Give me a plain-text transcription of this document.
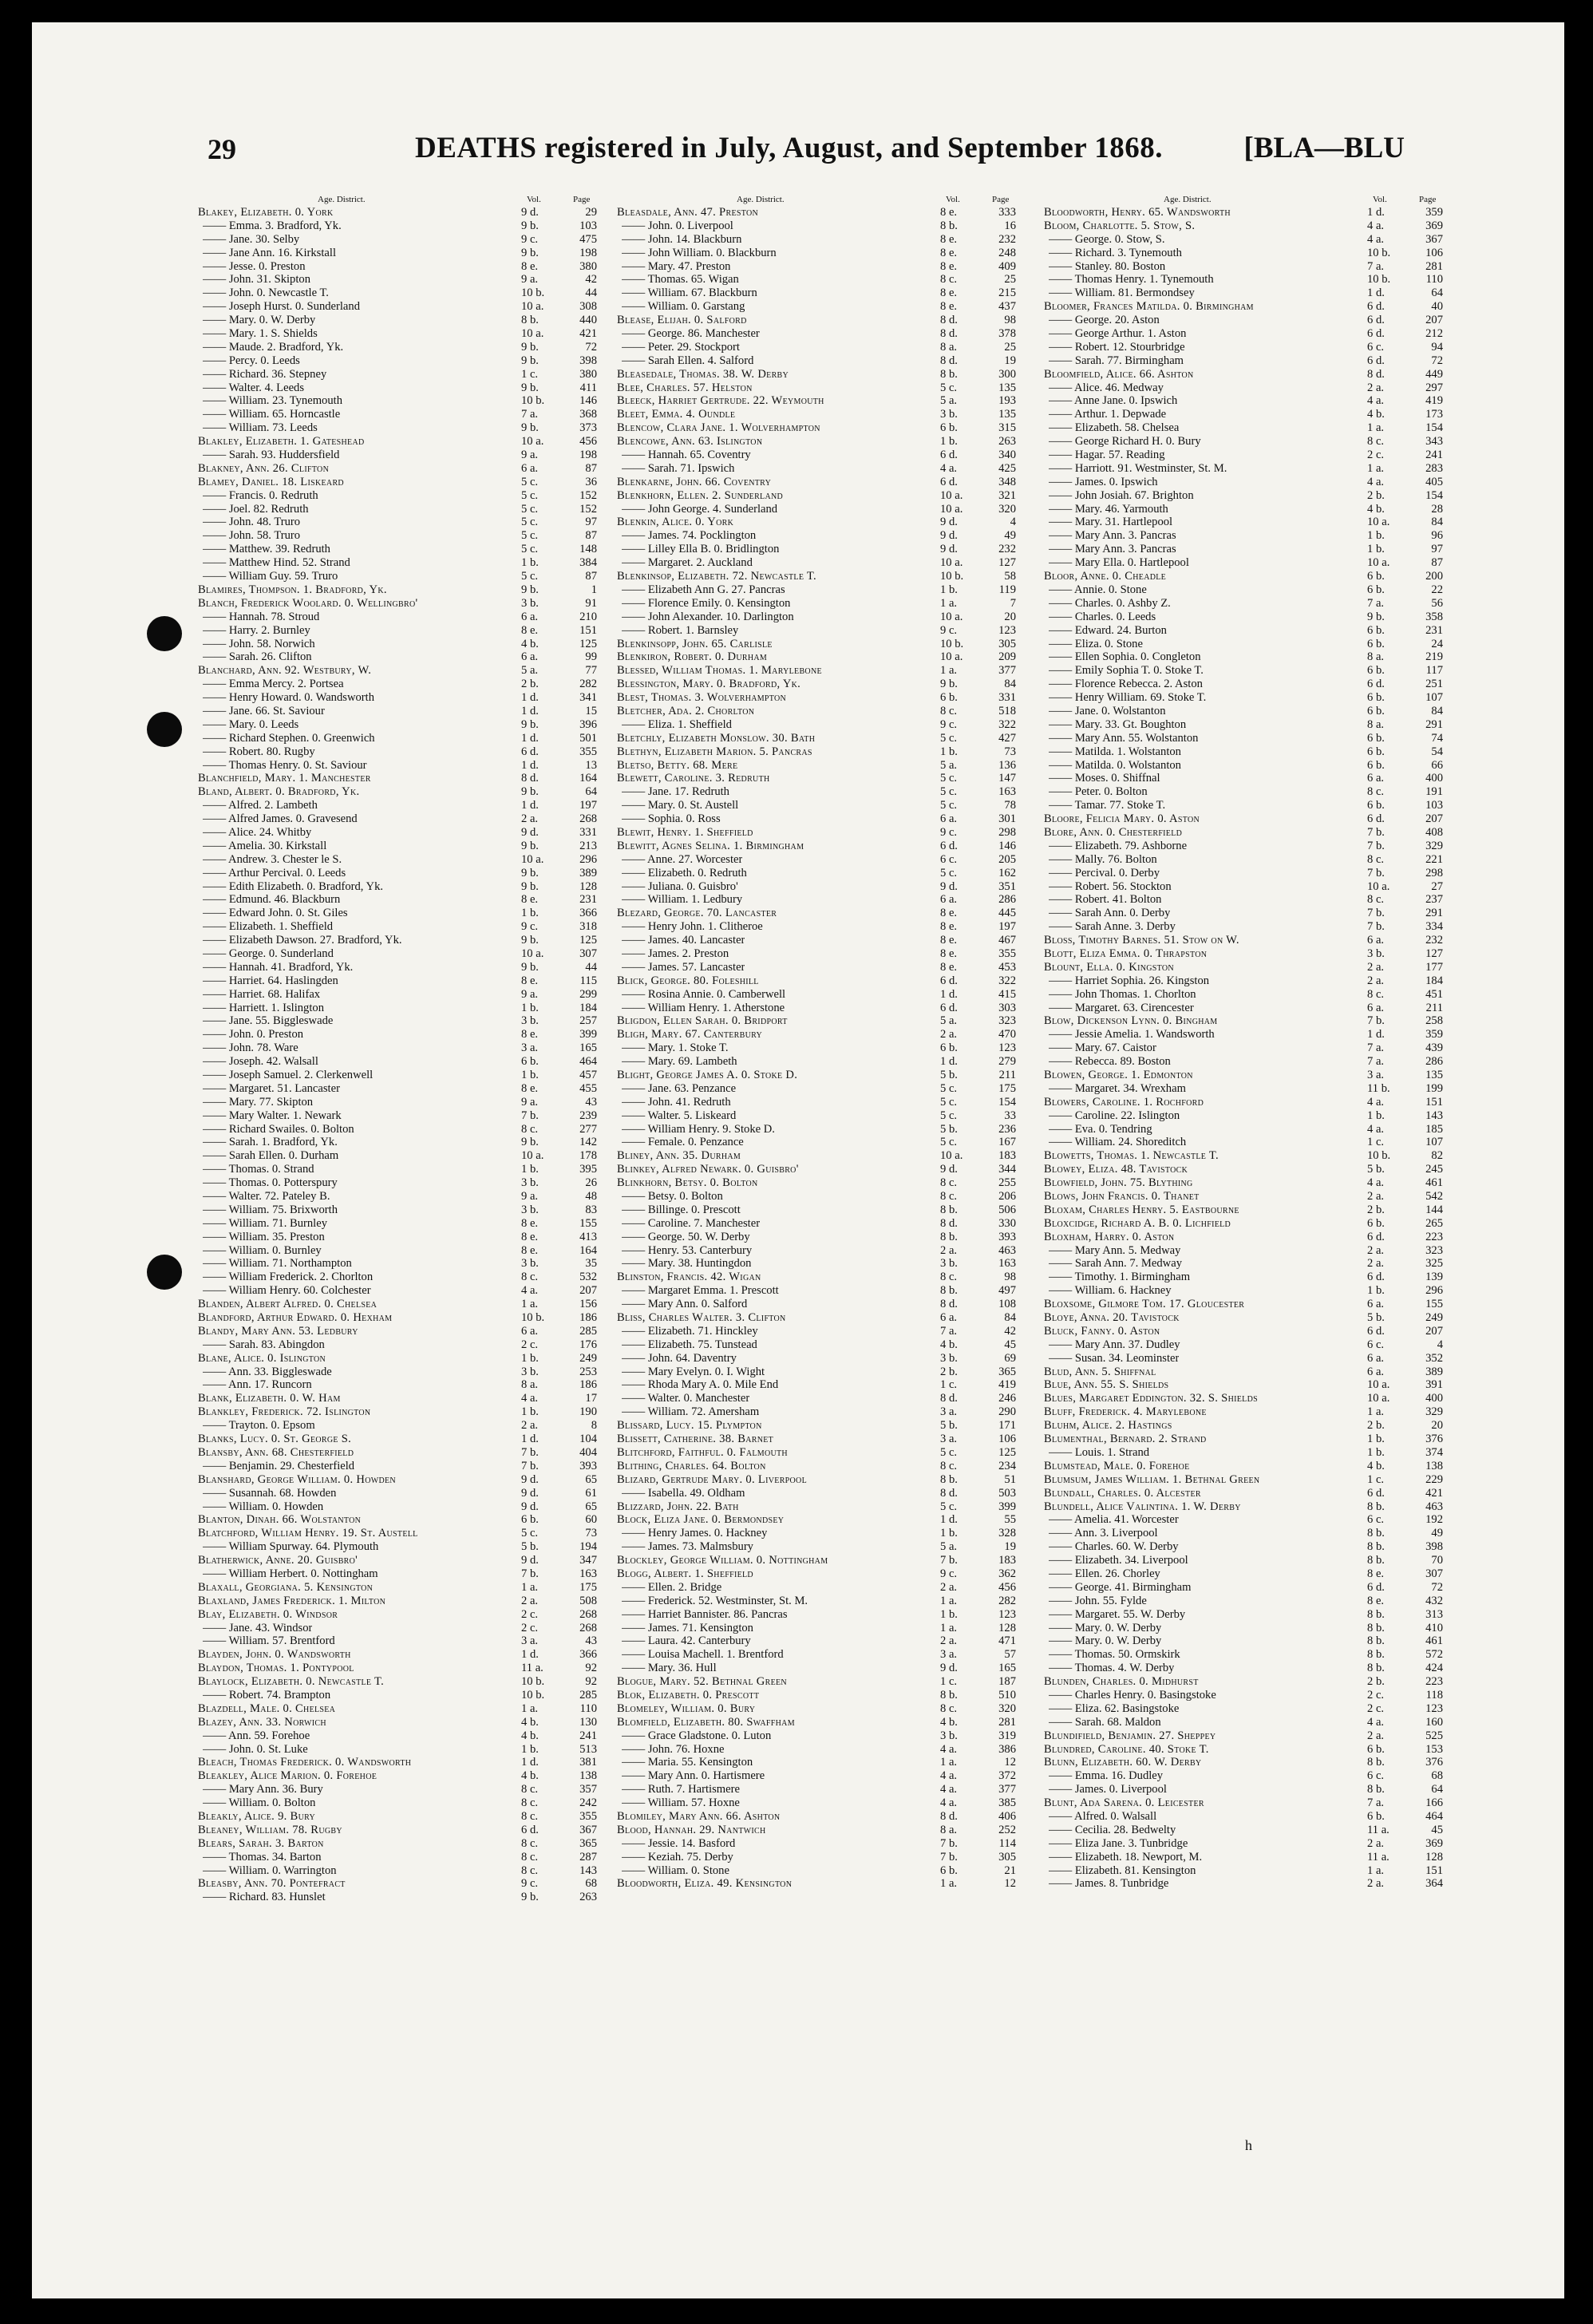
29	DEATHS registered in July, August, and September 1868.	[BLA—BLU
Age. District.	Vol.	Page
Blakey, Elizabeth. 0. York	9 d.	29
—— Emma. 3. Bradford, Yk.	9 b.	103
—— Jane. 30. Selby	9 c.	475
—— Jane Ann. 16. Kirkstall	9 b.	198
—— Jesse. 0. Preston	8 e.	380
—— John. 31. Skipton	9 a.	42
—— John. 0. Newcastle T.	10 b.	44
—— Joseph Hurst. 0. Sunderland	10 a.	308
—— Mary. 0. W. Derby	8 b.	440
—— Mary. 1. S. Shields	10 a.	421
—— Maude. 2. Bradford, Yk.	9 b.	72
—— Percy. 0. Leeds	9 b.	398
—— Richard. 36. Stepney	1 c.	380
—— Walter. 4. Leeds	9 b.	411
—— William. 23. Tynemouth	10 b.	146
—— William. 65. Horncastle	7 a.	368
—— William. 73. Leeds	9 b.	373
Blakley, Elizabeth. 1. Gateshead	10 a.	456
—— Sarah. 93. Huddersfield	9 a.	198
Blakney, Ann. 26. Clifton	6 a.	87
Blamey, Daniel. 18. Liskeard	5 c.	36
—— Francis. 0. Redruth	5 c.	152
—— Joel. 82. Redruth	5 c.	152
—— John. 48. Truro	5 c.	97
—— John. 58. Truro	5 c.	87
—— Matthew. 39. Redruth	5 c.	148
—— Matthew Hind. 52. Strand	1 b.	384
—— William Guy. 59. Truro	5 c.	87
Blamires, Thompson. 1. Bradford, Yk.	9 b.	1
Blanch, Frederick Woolard. 0. Wellingbro'	3 b.	91
—— Hannah. 78. Stroud	6 a.	210
—— Harry. 2. Burnley	8 e.	151
—— John. 58. Norwich	4 b.	125
—— Sarah. 26. Clifton	6 a.	99
Blanchard, Ann. 92. Westbury, W.	5 a.	77
—— Emma Mercy. 2. Portsea	2 b.	282
—— Henry Howard. 0. Wandsworth	1 d.	341
—— Jane. 66. St. Saviour	1 d.	15
—— Mary. 0. Leeds	9 b.	396
—— Richard Stephen. 0. Greenwich	1 d.	501
—— Robert. 80. Rugby	6 d.	355
—— Thomas Henry. 0. St. Saviour	1 d.	13
Blanchfield, Mary. 1. Manchester	8 d.	164
Bland, Albert. 0. Bradford, Yk.	9 b.	64
—— Alfred. 2. Lambeth	1 d.	197
—— Alfred James. 0. Gravesend	2 a.	268
—— Alice. 24. Whitby	9 d.	331
—— Amelia. 30. Kirkstall	9 b.	213
—— Andrew. 3. Chester le S.	10 a.	296
—— Arthur Percival. 0. Leeds	9 b.	389
—— Edith Elizabeth. 0. Bradford, Yk.	9 b.	128
—— Edmund. 46. Blackburn	8 e.	231
—— Edward John. 0. St. Giles	1 b.	366
—— Elizabeth. 1. Sheffield	9 c.	318
—— Elizabeth Dawson. 27. Bradford, Yk.	9 b.	125
—— George. 0. Sunderland	10 a.	307
—— Hannah. 41. Bradford, Yk.	9 b.	44
—— Harriet. 64. Haslingden	8 e.	115
—— Harriet. 68. Halifax	9 a.	299
—— Harriett. 1. Islington	1 b.	184
—— Jane. 55. Biggleswade	3 b.	257
—— John. 0. Preston	8 e.	399
—— John. 78. Ware	3 a.	165
—— Joseph. 42. Walsall	6 b.	464
—— Joseph Samuel. 2. Clerkenwell	1 b.	457
—— Margaret. 51. Lancaster	8 e.	455
—— Mary. 77. Skipton	9 a.	43
—— Mary Walter. 1. Newark	7 b.	239
—— Richard Swailes. 0. Bolton	8 c.	277
—— Sarah. 1. Bradford, Yk.	9 b.	142
—— Sarah Ellen. 0. Durham	10 a.	178
—— Thomas. 0. Strand	1 b.	395
—— Thomas. 0. Potterspury	3 b.	26
—— Walter. 72. Pateley B.	9 a.	48
—— William. 75. Brixworth	3 b.	83
—— William. 71. Burnley	8 e.	155
—— William. 35. Preston	8 e.	413
—— William. 0. Burnley	8 e.	164
—— William. 71. Northampton	3 b.	35
—— William Frederick. 2. Chorlton	8 c.	532
—— William Henry. 60. Colchester	4 a.	207
Blanden, Albert Alfred. 0. Chelsea	1 a.	156
Blandford, Arthur Edward. 0. Hexham	10 b.	186
Blandy, Mary Ann. 53. Ledbury	6 a.	285
—— Sarah. 83. Abingdon	2 c.	176
Blane, Alice. 0. Islington	1 b.	249
—— Ann. 33. Biggleswade	3 b.	253
—— Ann. 17. Runcorn	8 a.	186
Blank, Elizabeth. 0. W. Ham	4 a.	17
Blankley, Frederick. 72. Islington	1 b.	190
—— Trayton. 0. Epsom	2 a.	8
Blanks, Lucy. 0. St. George S.	1 d.	104
Blansby, Ann. 68. Chesterfield	7 b.	404
—— Benjamin. 29. Chesterfield	7 b.	393
Blanshard, George William. 0. Howden	9 d.	65
—— Susannah. 68. Howden	9 d.	61
—— William. 0. Howden	9 d.	65
Blanton, Dinah. 66. Wolstanton	6 b.	60
Blatchford, William Henry. 19. St. Austell	5 c.	73
—— William Spurway. 64. Plymouth	5 b.	194
Blatherwick, Anne. 20. Guisbro'	9 d.	347
—— William Herbert. 0. Nottingham	7 b.	163
Blaxall, Georgiana. 5. Kensington	1 a.	175
Blaxland, James Frederick. 1. Milton	2 a.	508
Blay, Elizabeth. 0. Windsor	2 c.	268
—— Jane. 43. Windsor	2 c.	268
—— William. 57. Brentford	3 a.	43
Blayden, John. 0. Wandsworth	1 d.	366
Blaydon, Thomas. 1. Pontypool	11 a.	92
Blaylock, Elizabeth. 0. Newcastle T.	10 b.	92
—— Robert. 74. Brampton	10 b.	285
Blazdell, Male. 0. Chelsea	1 a.	110
Blazey, Ann. 33. Norwich	4 b.	130
—— Ann. 59. Forehoe	4 b.	241
—— John. 0. St. Luke	1 b.	513
Bleach, Thomas Frederick. 0. Wandsworth	1 d.	381
Bleakley, Alice Marion. 0. Forehoe	4 b.	138
—— Mary Ann. 36. Bury	8 c.	357
—— William. 0. Bolton	8 c.	242
Bleakly, Alice. 9. Bury	8 c.	355
Bleaney, William. 78. Rugby	6 d.	367
Blears, Sarah. 3. Barton	8 c.	365
—— Thomas. 34. Barton	8 c.	287
—— William. 0. Warrington	8 c.	143
Bleasby, Ann. 70. Pontefract	9 c.	68
—— Richard. 83. Hunslet	9 b.	263
Age. District.	Vol.	Page
Bleasdale, Ann. 47. Preston	8 e.	333
—— John. 0. Liverpool	8 b.	16
—— John. 14. Blackburn	8 e.	232
—— John William. 0. Blackburn	8 e.	248
—— Mary. 47. Preston	8 e.	409
—— Thomas. 65. Wigan	8 c.	25
—— William. 67. Blackburn	8 e.	215
—— William. 0. Garstang	8 e.	437
Blease, Elijah. 0. Salford	8 d.	98
—— George. 86. Manchester	8 d.	378
—— Peter. 29. Stockport	8 a.	25
—— Sarah Ellen. 4. Salford	8 d.	19
Bleasedale, Thomas. 38. W. Derby	8 b.	300
Blee, Charles. 57. Helston	5 c.	135
Bleeck, Harriet Gertrude. 22. Weymouth	5 a.	193
Bleet, Emma. 4. Oundle	3 b.	135
Blencow, Clara Jane. 1. Wolverhampton	6 b.	315
Blencowe, Ann. 63. Islington	1 b.	263
—— Hannah. 65. Coventry	6 d.	340
—— Sarah. 71. Ipswich	4 a.	425
Blenkarne, John. 66. Coventry	6 d.	348
Blenkhorn, Ellen. 2. Sunderland	10 a.	321
—— John George. 4. Sunderland	10 a.	320
Blenkin, Alice. 0. York	9 d.	4
—— James. 74. Pocklington	9 d.	49
—— Lilley Ella B. 0. Bridlington	9 d.	232
—— Margaret. 2. Auckland	10 a.	127
Blenkinsop, Elizabeth. 72. Newcastle T.	10 b.	58
—— Elizabeth Ann G. 27. Pancras	1 b.	119
—— Florence Emily. 0. Kensington	1 a.	7
—— John Alexander. 10. Darlington	10 a.	20
—— Robert. 1. Barnsley	9 c.	123
Blenkinsopp, John. 65. Carlisle	10 b.	305
Blenkiron, Robert. 0. Durham	10 a.	209
Blessed, William Thomas. 1. Marylebone	1 a.	377
Blessington, Mary. 0. Bradford, Yk.	9 b.	84
Blest, Thomas. 3. Wolverhampton	6 b.	331
Bletcher, Ada. 2. Chorlton	8 c.	518
—— Eliza. 1. Sheffield	9 c.	322
Bletchly, Elizabeth Monslow. 30. Bath	5 c.	427
Blethyn, Elizabeth Marion. 5. Pancras	1 b.	73
Bletso, Betty. 68. Mere	5 a.	136
Blewett, Caroline. 3. Redruth	5 c.	147
—— Jane. 17. Redruth	5 c.	163
—— Mary. 0. St. Austell	5 c.	78
—— Sophia. 0. Ross	6 a.	301
Blewit, Henry. 1. Sheffield	9 c.	298
Blewitt, Agnes Selina. 1. Birmingham	6 d.	146
—— Anne. 27. Worcester	6 c.	205
—— Elizabeth. 0. Redruth	5 c.	162
—— Juliana. 0. Guisbro'	9 d.	351
—— William. 1. Ledbury	6 a.	286
Blezard, George. 70. Lancaster	8 e.	445
—— Henry John. 1. Clitheroe	8 e.	197
—— James. 40. Lancaster	8 e.	467
—— James. 2. Preston	8 e.	355
—— James. 57. Lancaster	8 e.	453
Blick, George. 80. Foleshill	6 d.	322
—— Rosina Annie. 0. Camberwell	1 d.	415
—— William Henry. 1. Atherstone	6 d.	303
Bligdon, Ellen Sarah. 0. Bridport	5 a.	323
Bligh, Mary. 67. Canterbury	2 a.	470
—— Mary. 1. Stoke T.	6 b.	123
—— Mary. 69. Lambeth	1 d.	279
Blight, George James A. 0. Stoke D.	5 b.	211
—— Jane. 63. Penzance	5 c.	175
—— John. 41. Redruth	5 c.	154
—— Walter. 5. Liskeard	5 c.	33
—— William Henry. 9. Stoke D.	5 b.	236
—— Female. 0. Penzance	5 c.	167
Bliney, Ann. 35. Durham	10 a.	183
Blinkey, Alfred Newark. 0. Guisbro'	9 d.	344
Blinkhorn, Betsy. 0. Bolton	8 c.	255
—— Betsy. 0. Bolton	8 c.	206
—— Billinge. 0. Prescott	8 b.	506
—— Caroline. 7. Manchester	8 d.	330
—— George. 50. W. Derby	8 b.	393
—— Henry. 53. Canterbury	2 a.	463
—— Mary. 38. Huntingdon	3 b.	163
Blinston, Francis. 42. Wigan	8 c.	98
—— Margaret Emma. 1. Prescott	8 b.	497
—— Mary Ann. 0. Salford	8 d.	108
Bliss, Charles Walter. 3. Clifton	6 a.	84
—— Elizabeth. 71. Hinckley	7 a.	42
—— Elizabeth. 75. Tunstead	4 b.	45
—— John. 64. Daventry	3 b.	69
—— Mary Evelyn. 0. I. Wight	2 b.	365
—— Rhoda Mary A. 0. Mile End	1 c.	419
—— Walter. 0. Manchester	8 d.	246
—— William. 72. Amersham	3 a.	290
Blissard, Lucy. 15. Plympton	5 b.	171
Blissett, Catherine. 38. Barnet	3 a.	106
Blitchford, Faithful. 0. Falmouth	5 c.	125
Blithing, Charles. 64. Bolton	8 c.	234
Blizard, Gertrude Mary. 0. Liverpool	8 b.	51
—— Isabella. 49. Oldham	8 d.	503
Blizzard, John. 22. Bath	5 c.	399
Block, Eliza Jane. 0. Bermondsey	1 d.	55
—— Henry James. 0. Hackney	1 b.	328
—— James. 73. Malmsbury	5 a.	19
Blockley, George William. 0. Nottingham	7 b.	183
Blogg, Albert. 1. Sheffield	9 c.	362
—— Ellen. 2. Bridge	2 a.	456
—— Frederick. 52. Westminster, St. M.	1 a.	282
—— Harriet Bannister. 86. Pancras	1 b.	123
—— James. 71. Kensington	1 a.	128
—— Laura. 42. Canterbury	2 a.	471
—— Louisa Machell. 1. Brentford	3 a.	57
—— Mary. 36. Hull	9 d.	165
Blogue, Mary. 52. Bethnal Green	1 c.	187
Blok, Elizabeth. 0. Prescott	8 b.	510
Blomeley, William. 0. Bury	8 c.	320
Blomfield, Elizabeth. 80. Swaffham	4 b.	281
—— Grace Gladstone. 0. Luton	3 b.	319
—— John. 76. Hoxne	4 a.	386
—— Maria. 55. Kensington	1 a.	12
—— Mary Ann. 0. Hartismere	4 a.	372
—— Ruth. 7. Hartismere	4 a.	377
—— William. 57. Hoxne	4 a.	385
Blomiley, Mary Ann. 66. Ashton	8 d.	406
Blood, Hannah. 29. Nantwich	8 a.	252
—— Jessie. 14. Basford	7 b.	114
—— Keziah. 75. Derby	7 b.	305
—— William. 0. Stone	6 b.	21
Bloodworth, Eliza. 49. Kensington	1 a.	12
Age. District.	Vol.	Page
Bloodworth, Henry. 65. Wandsworth	1 d.	359
Bloom, Charlotte. 5. Stow, S.	4 a.	369
—— George. 0. Stow, S.	4 a.	367
—— Richard. 3. Tynemouth	10 b.	106
—— Stanley. 80. Boston	7 a.	281
—— Thomas Henry. 1. Tynemouth	10 b.	110
—— William. 81. Bermondsey	1 d.	64
Bloomer, Frances Matilda. 0. Birmingham	6 d.	40
—— George. 20. Aston	6 d.	207
—— George Arthur. 1. Aston	6 d.	212
—— Robert. 12. Stourbridge	6 c.	94
—— Sarah. 77. Birmingham	6 d.	72
Bloomfield, Alice. 66. Ashton	8 d.	449
—— Alice. 46. Medway	2 a.	297
—— Anne Jane. 0. Ipswich	4 a.	419
—— Arthur. 1. Depwade	4 b.	173
—— Elizabeth. 58. Chelsea	1 a.	154
—— George Richard H. 0. Bury	8 c.	343
—— Hagar. 57. Reading	2 c.	241
—— Harriott. 91. Westminster, St. M.	1 a.	283
—— James. 0. Ipswich	4 a.	405
—— John Josiah. 67. Brighton	2 b.	154
—— Mary. 46. Yarmouth	4 b.	28
—— Mary. 31. Hartlepool	10 a.	84
—— Mary Ann. 3. Pancras	1 b.	96
—— Mary Ann. 3. Pancras	1 b.	97
—— Mary Ella. 0. Hartlepool	10 a.	87
Bloor, Anne. 0. Cheadle	6 b.	200
—— Annie. 0. Stone	6 b.	22
—— Charles. 0. Ashby Z.	7 a.	56
—— Charles. 0. Leeds	9 b.	358
—— Edward. 24. Burton	6 b.	231
—— Eliza. 0. Stone	6 b.	24
—— Ellen Sophia. 0. Congleton	8 a.	219
—— Emily Sophia T. 0. Stoke T.	6 b.	117
—— Florence Rebecca. 2. Aston	6 d.	251
—— Henry William. 69. Stoke T.	6 b.	107
—— Jane. 0. Wolstanton	6 b.	84
—— Mary. 33. Gt. Boughton	8 a.	291
—— Mary Ann. 55. Wolstanton	6 b.	74
—— Matilda. 1. Wolstanton	6 b.	54
—— Matilda. 0. Wolstanton	6 b.	66
—— Moses. 0. Shiffnal	6 a.	400
—— Peter. 0. Bolton	8 c.	191
—— Tamar. 77. Stoke T.	6 b.	103
Bloore, Felicia Mary. 0. Aston	6 d.	207
Blore, Ann. 0. Chesterfield	7 b.	408
—— Elizabeth. 79. Ashborne	7 b.	329
—— Mally. 76. Bolton	8 c.	221
—— Percival. 0. Derby	7 b.	298
—— Robert. 56. Stockton	10 a.	27
—— Robert. 41. Bolton	8 c.	237
—— Sarah Ann. 0. Derby	7 b.	291
—— Sarah Anne. 3. Derby	7 b.	334
Bloss, Timothy Barnes. 51. Stow on W.	6 a.	232
Blott, Eliza Emma. 0. Thrapston	3 b.	127
Blount, Ella. 0. Kingston	2 a.	177
—— Harriet Sophia. 26. Kingston	2 a.	184
—— John Thomas. 1. Chorlton	8 c.	451
—— Margaret. 63. Cirencester	6 a.	211
Blow, Dickenson Lynn. 0. Bingham	7 b.	258
—— Jessie Amelia. 1. Wandsworth	1 d.	359
—— Mary. 67. Caistor	7 a.	439
—— Rebecca. 89. Boston	7 a.	286
Blowen, George. 1. Edmonton	3 a.	135
—— Margaret. 34. Wrexham	11 b.	199
Blowers, Caroline. 1. Rochford	4 a.	151
—— Caroline. 22. Islington	1 b.	143
—— Eva. 0. Tendring	4 a.	185
—— William. 24. Shoreditch	1 c.	107
Blowetts, Thomas. 1. Newcastle T.	10 b.	82
Blowey, Eliza. 48. Tavistock	5 b.	245
Blowfield, John. 75. Blything	4 a.	461
Blows, John Francis. 0. Thanet	2 a.	542
Bloxam, Charles Henry. 5. Eastbourne	2 b.	144
Bloxcidge, Richard A. B. 0. Lichfield	6 b.	265
Bloxham, Harry. 0. Aston	6 d.	223
—— Mary Ann. 5. Medway	2 a.	323
—— Sarah Ann. 7. Medway	2 a.	325
—— Timothy. 1. Birmingham	6 d.	139
—— William. 6. Hackney	1 b.	296
Bloxsome, Gilmore Tom. 17. Gloucester	6 a.	155
Bloye, Anna. 20. Tavistock	5 b.	249
Bluck, Fanny. 0. Aston	6 d.	207
—— Mary Ann. 37. Dudley	6 c.	4
—— Susan. 34. Leominster	6 a.	352
Blud, Ann. 5. Shiffnal	6 a.	389
Blue, Ann. 55. S. Shields	10 a.	391
Blues, Margaret Eddington. 32. S. Shields	10 a.	400
Bluff, Frederick. 4. Marylebone	1 a.	329
Bluhm, Alice. 2. Hastings	2 b.	20
Blumenthal, Bernard. 2. Strand	1 b.	376
—— Louis. 1. Strand	1 b.	374
Blumstead, Male. 0. Forehoe	4 b.	138
Blumsum, James William. 1. Bethnal Green	1 c.	229
Blundall, Charles. 0. Alcester	6 d.	421
Blundell, Alice Valintina. 1. W. Derby	8 b.	463
—— Amelia. 41. Worcester	6 c.	192
—— Ann. 3. Liverpool	8 b.	49
—— Charles. 60. W. Derby	8 b.	398
—— Elizabeth. 34. Liverpool	8 b.	70
—— Ellen. 26. Chorley	8 e.	307
—— George. 41. Birmingham	6 d.	72
—— John. 55. Fylde	8 e.	432
—— Margaret. 55. W. Derby	8 b.	313
—— Mary. 0. W. Derby	8 b.	410
—— Mary. 0. W. Derby	8 b.	461
—— Thomas. 50. Ormskirk	8 b.	572
—— Thomas. 4. W. Derby	8 b.	424
Blunden, Charles. 0. Midhurst	2 b.	223
—— Charles Henry. 0. Basingstoke	2 c.	118
—— Eliza. 62. Basingstoke	2 c.	123
—— Sarah. 68. Maldon	4 a.	160
Blundifield, Benjamin. 27. Sheppey	2 a.	525
Blundred, Caroline. 40. Stoke T.	6 b.	153
Blunn, Elizabeth. 60. W. Derby	8 b.	376
—— Emma. 16. Dudley	6 c.	68
—— James. 0. Liverpool	8 b.	64
Blunt, Ada Sarena. 0. Leicester	7 a.	166
—— Alfred. 0. Walsall	6 b.	464
—— Cecilia. 28. Bedwelty	11 a.	45
—— Eliza Jane. 3. Tunbridge	2 a.	369
—— Elizabeth. 18. Newport, M.	11 a.	128
—— Elizabeth. 81. Kensington	1 a.	151
—— James. 8. Tunbridge	2 a.	364
h
